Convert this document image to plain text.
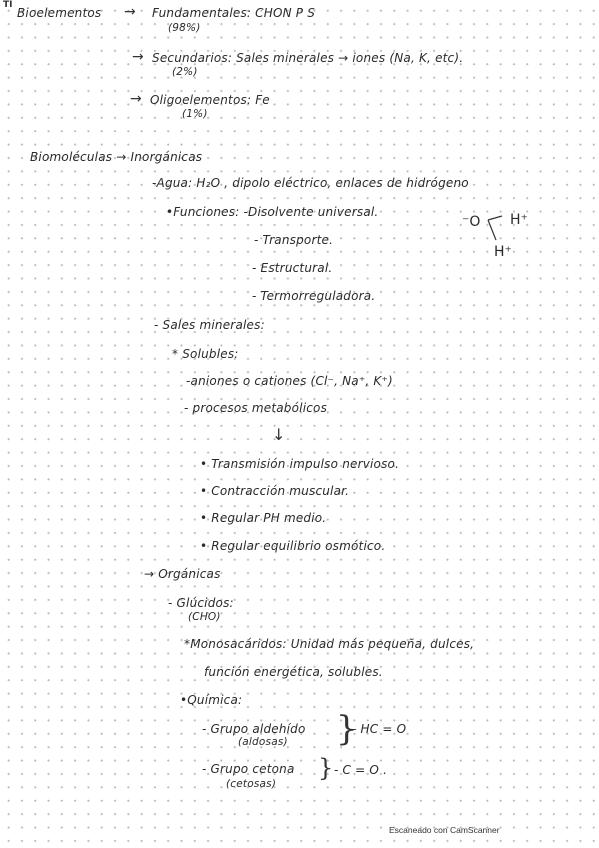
TI
Bioelementos → Fundamentales: CHON P S
(98%)
→ Secundarios: Sales minerales → iones (Na, K, etc).
(2%)
→ Oligoelementos: Fe
(1%)
Biomoléculas → Inorgánicas
-Agua: H₂O , dipolo eléctrico, enlaces de hidrógeno
•Funciones: -Disolvente universal.
- Transporte.
- Estructural.
- Termorreguladora.
⁻O H⁺
H⁺
- Sales minerales:
* Solubles:
-aniones o cationes (Cl⁻, Na⁺, K⁺)
- procesos metabólicos
↓
• Transmisión impulso nervioso.
• Contracción muscular.
• Regular PH medio.
• Regular equilibrio osmótico.
→ Orgánicas
- Glúcidos:
(CHO)
*Monosacáridos: Unidad más pequeña, dulces,
función energética, solubles.
•Química:
- Grupo aldehído
(aldosas) }
- HC = O
- Grupo cetona
(cetosas)
} - C = O .
Escaneado con CamScanner
